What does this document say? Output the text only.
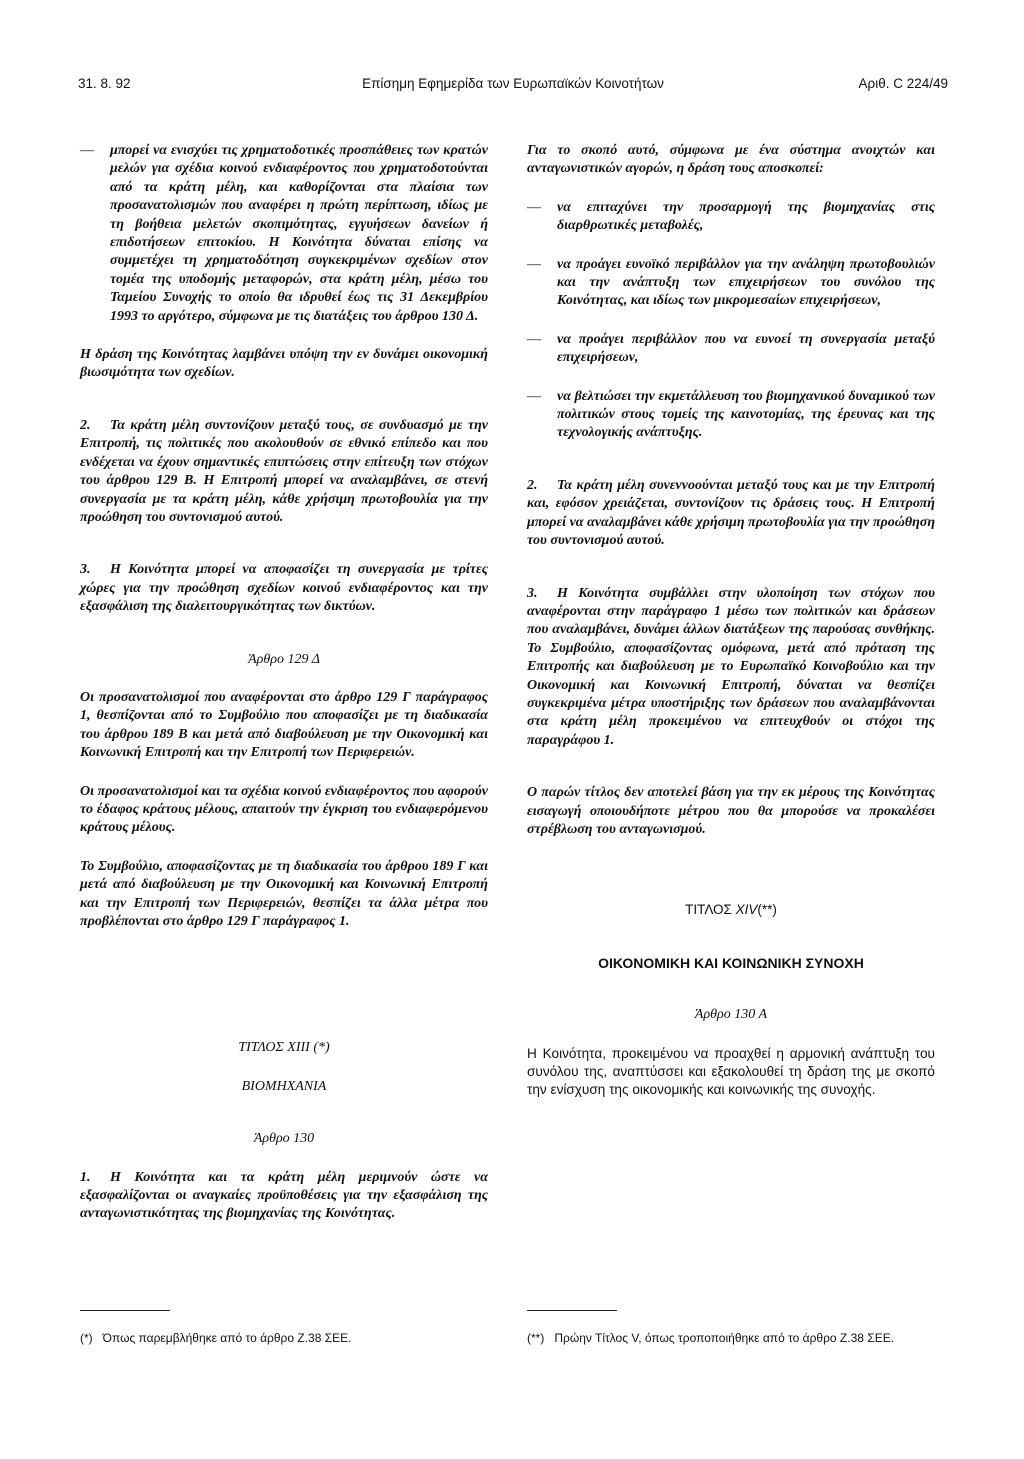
31. 8. 92	Επίσημη Εφημερίδα των Ευρωπαϊκών Κοινοτήτων	Αριθ. C 224/49
—	μπορεί να ενισχύει τις χρηματοδοτικές προσπάθειες των κρατών μελών για σχέδια κοινού ενδιαφέροντος που χρηματοδοτούνται από τα κράτη μέλη, και καθορίζονται στα πλαίσια των προσανατολισμών που αναφέρει η πρώτη περίπτωση, ιδίως με τη βοήθεια μελετών σκοπιμότητας, εγγυήσεων δανείων ή επιδοτήσεων επιτοκίου. Η Κοινότητα δύναται επίσης να συμμετέχει τη χρηματοδότηση συγκεκριμένων σχεδίων στον τομέα της υποδομής μεταφορών, στα κράτη μέλη, μέσω του Ταμείου Συνοχής το οποίο θα ιδρυθεί έως τις 31 Δεκεμβρίου 1993 το αργότερο, σύμφωνα με τις διατάξεις του άρθρου 130 Δ.

Η δράση της Κοινότητας λαμβάνει υπόψη την εν δυνάμει οικονομική βιωσιμότητα των σχεδίων.

2. Τα κράτη μέλη συντονίζουν μεταξύ τους, σε συνδυασμό με την Επιτροπή, τις πολιτικές που ακολουθούν σε εθνικό επίπεδο και που ενδέχεται να έχουν σημαντικές επιπτώσεις στην επίτευξη των στόχων του άρθρου 129 Β. Η Επιτροπή μπορεί να αναλαμβάνει, σε στενή συνεργασία με τα κράτη μέλη, κάθε χρήσιμη πρωτοβουλία για την προώθηση του συντονισμού αυτού.

3. Η Κοινότητα μπορεί να αποφασίζει τη συνεργασία με τρίτες χώρες για την προώθηση σχεδίων κοινού ενδιαφέροντος και την εξασφάλιση της διαλειτουργικότητας των δικτύων.

Άρθρο 129 Δ

Οι προσανατολισμοί που αναφέρονται στο άρθρο 129 Γ παράγραφος 1, θεσπίζονται από το Συμβούλιο που αποφασίζει με τη διαδικασία του άρθρου 189 Β και μετά από διαβούλευση με την Οικονομική και Κοινωνική Επιτροπή και την Επιτροπή των Περιφερειών.

Οι προσανατολισμοί και τα σχέδια κοινού ενδιαφέροντος που αφορούν το έδαφος κράτους μέλους, απαιτούν την έγκριση του ενδιαφερόμενου κράτους μέλους.

Το Συμβούλιο, αποφασίζοντας με τη διαδικασία του άρθρου 189 Γ και μετά από διαβούλευση με την Οικονομική και Κοινωνική Επιτροπή και την Επιτροπή των Περιφερειών, θεσπίζει τα άλλα μέτρα που προβλέπονται στο άρθρο 129 Γ παράγραφος 1.

ΤΙΤΛΟΣ XIII (*)

ΒΙΟΜΗΧΑΝΙΑ

Άρθρο 130

1. Η Κοινότητα και τα κράτη μέλη μεριμνούν ώστε να εξασφαλίζονται οι αναγκαίες προϋποθέσεις για την εξασφάλιση της ανταγωνιστικότητας της βιομηχανίας της Κοινότητας.

Για το σκοπό αυτό, σύμφωνα με ένα σύστημα ανοιχτών και ανταγωνιστικών αγορών, η δράση τους αποσκοπεί:

—	να επιταχύνει την προσαρμογή της βιομηχανίας στις διαρθρωτικές μεταβολές,
—	να προάγει ευνοϊκό περιβάλλον για την ανάληψη πρωτοβουλιών και την ανάπτυξη των επιχειρήσεων του συνόλου της Κοινότητας, και ιδίως των μικρομεσαίων επιχειρήσεων,
—	να προάγει περιβάλλον που να ευνοεί τη συνεργασία μεταξύ επιχειρήσεων,
—	να βελτιώσει την εκμετάλλευση του βιομηχανικού δυναμικού των πολιτικών στους τομείς της καινοτομίας, της έρευνας και της τεχνολογικής ανάπτυξης.

2. Τα κράτη μέλη συνεννοούνται μεταξύ τους και με την Επιτροπή και, εφόσον χρειάζεται, συντονίζουν τις δράσεις τους. Η Επιτροπή μπορεί να αναλαμβάνει κάθε χρήσιμη πρωτοβουλία για την προώθηση του συντονισμού αυτού.

3. Η Κοινότητα συμβάλλει στην υλοποίηση των στόχων που αναφέρονται στην παράγραφο 1 μέσω των πολιτικών και δράσεων που αναλαμβάνει, δυνάμει άλλων διατάξεων της παρούσας συνθήκης. Το Συμβούλιο, αποφασίζοντας ομόφωνα, μετά από πρόταση της Επιτροπής και διαβούλευση με το Ευρωπαϊκό Κοινοβούλιο και την Οικονομική και Κοινωνική Επιτροπή, δύναται να θεσπίζει συγκεκριμένα μέτρα υποστήριξης των δράσεων που αναλαμβάνονται στα κράτη μέλη προκειμένου να επιτευχθούν οι στόχοι της παραγράφου 1.

Ο παρών τίτλος δεν αποτελεί βάση για την εκ μέρους της Κοινότητας εισαγωγή οποιουδήποτε μέτρου που θα μπορούσε να προκαλέσει στρέβλωση του ανταγωνισμού.

ΤΙΤΛΟΣ XIV(**)

ΟΙΚΟΝΟΜΙΚΗ ΚΑΙ ΚΟΙΝΩΝΙΚΗ ΣΥΝΟΧΗ

Άρθρο 130 Α

Η Κοινότητα, προκειμένου να προαχθεί η αρμονική ανάπτυξη του συνόλου της, αναπτύσσει και εξακολουθεί τη δράση της με σκοπό την ενίσχυση της οικονομικής και κοινωνικής της συνοχής.

(*) Όπως παρεμβλήθηκε από το άρθρο Ζ.38 ΣΕΕ.	(**) Πρώην Τίτλος V, όπως τροποποιήθηκε από το άρθρο Ζ.38 ΣΕΕ.
